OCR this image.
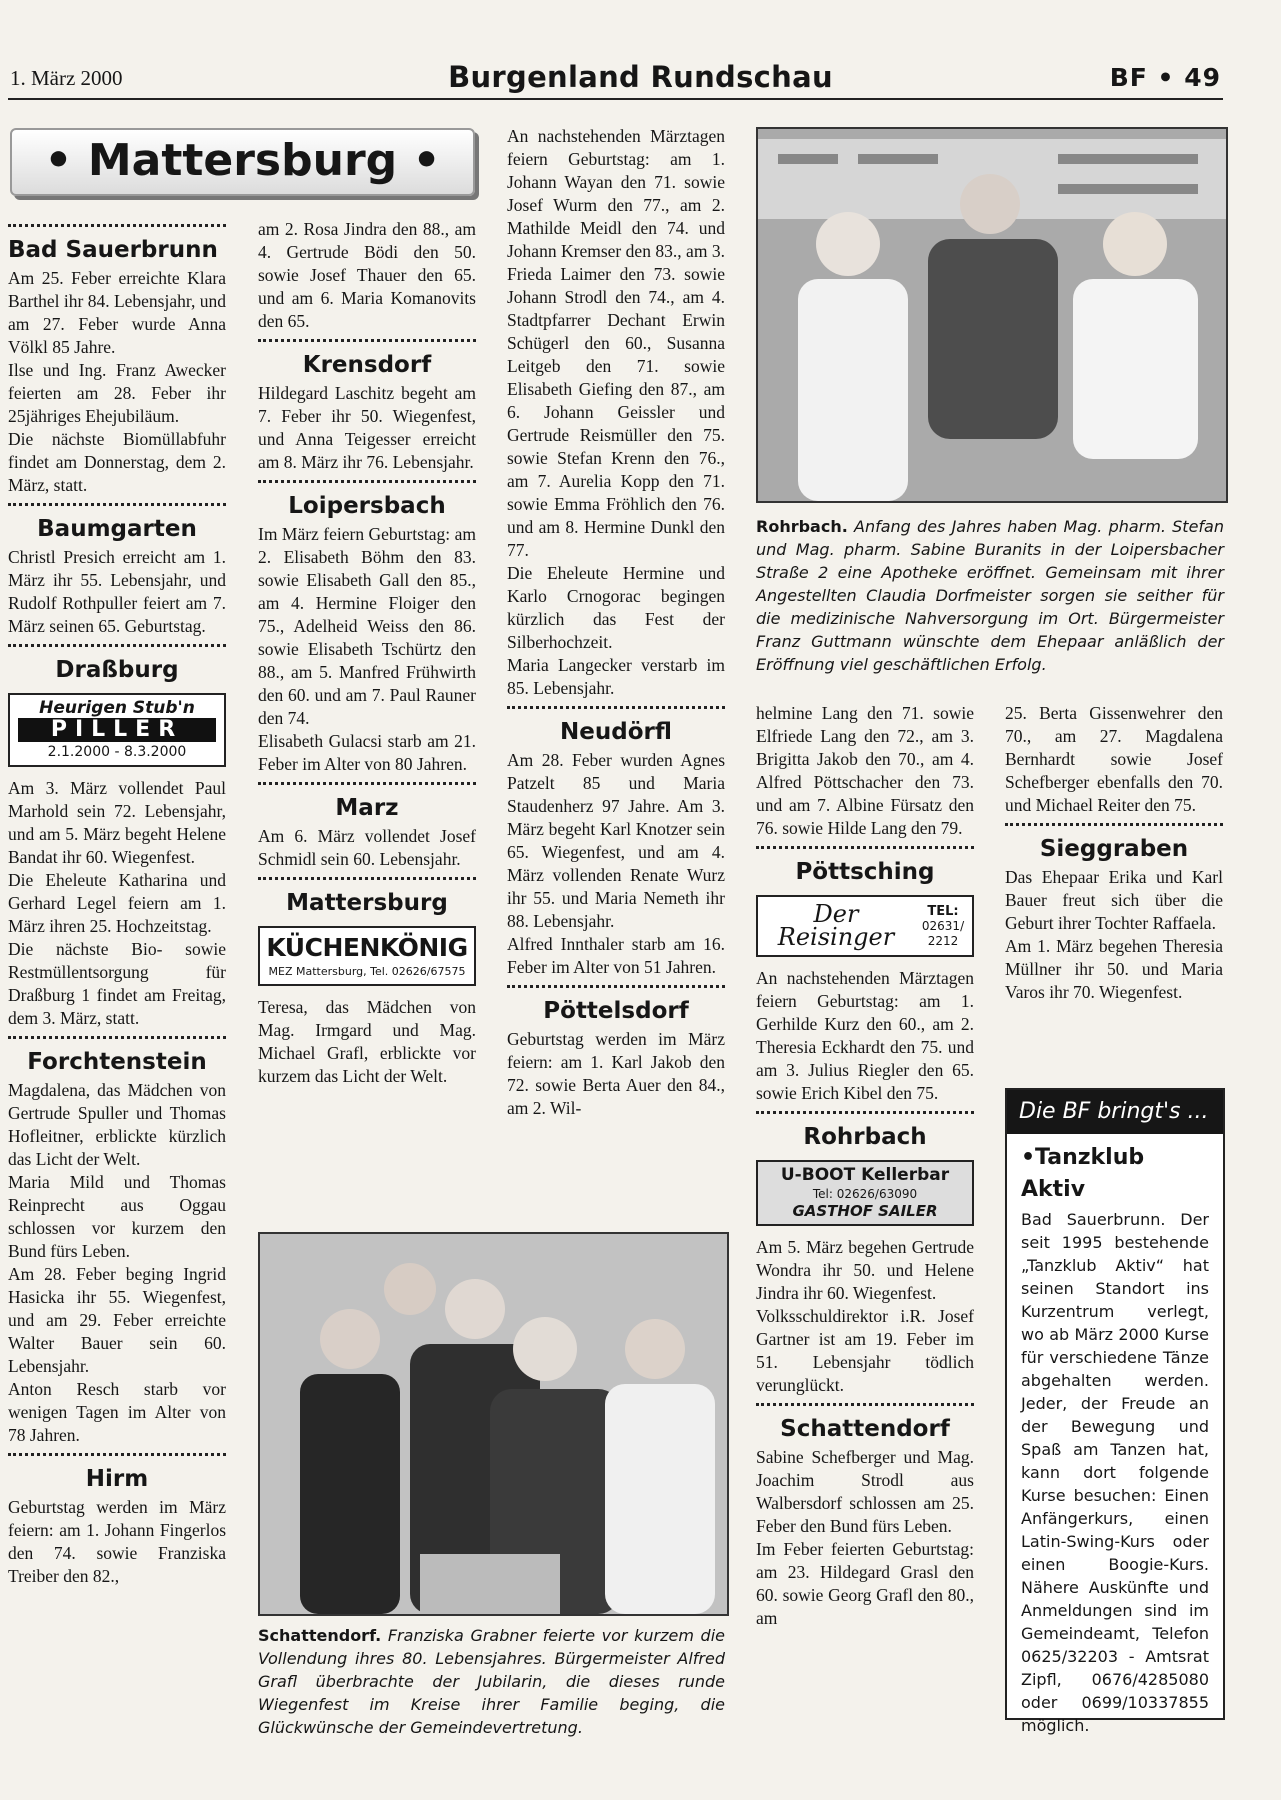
1. März 2000	Burgenland Rundschau	BF • 49
• Mattersburg •
Bad Sauerbrunn

Am 25. Feber erreichte Klara Barthel ihr 84. Lebensjahr, und am 27. Feber wurde Anna Völkl 85 Jahre.

Ilse und Ing. Franz Awecker feierten am 28. Feber ihr 25jähriges Ehejubiläum.

Die nächste Biomüllabfuhr findet am Donnerstag, dem 2. März, statt.

Baumgarten

Christl Presich erreicht am 1. März ihr 55. Lebensjahr, und Rudolf Rothpuller feiert am 7. März seinen 65. Geburtstag.

Draßburg
Heurigen Stub'n
PILLER
2.1.2000 - 8.3.2000

Am 3. März vollendet Paul Marhold sein 72. Lebensjahr, und am 5. März begeht Helene Bandat ihr 60. Wiegenfest.

Die Eheleute Katharina und Gerhard Legel feiern am 1. März ihren 25. Hochzeitstag.

Die nächste Bio- sowie Restmüllentsorgung für Draßburg 1 findet am Freitag, dem 3. März, statt.

Forchtenstein

Magdalena, das Mädchen von Gertrude Spuller und Thomas Hofleitner, erblickte kürzlich das Licht der Welt.

Maria Mild und Thomas Reinprecht aus Oggau schlossen vor kurzem den Bund fürs Leben.

Am 28. Feber beging Ingrid Hasicka ihr 55. Wiegenfest, und am 29. Feber erreichte Walter Bauer sein 60. Lebensjahr.

Anton Resch starb vor wenigen Tagen im Alter von 78 Jahren.

Hirm

Geburtstag werden im März feiern: am 1. Johann Fingerlos den 74. sowie Franziska Treiber den 82.,

am 2. Rosa Jindra den 88., am 4. Gertrude Bödi den 50. sowie Josef Thauer den 65. und am 6. Maria Komanovits den 65.

Krensdorf

Hildegard Laschitz begeht am 7. Feber ihr 50. Wiegenfest, und Anna Teigesser erreicht am 8. März ihr 76. Lebensjahr.

Loipersbach

Im März feiern Geburtstag: am 2. Elisabeth Böhm den 83. sowie Elisabeth Gall den 85., am 4. Hermine Floiger den 75., Adelheid Weiss den 86. sowie Elisabeth Tschürtz den 88., am 5. Manfred Frühwirth den 60. und am 7. Paul Rauner den 74.

Elisabeth Gulacsi starb am 21. Feber im Alter von 80 Jahren.

Marz

Am 6. März vollendet Josef Schmidl sein 60. Lebensjahr.

Mattersburg
KÜCHENKÖNIG
MEZ Mattersburg, Tel. 02626/67575

Teresa, das Mädchen von Mag. Irmgard und Mag. Michael Grafl, erblickte vor kurzem das Licht der Welt.

An nachstehenden Märztagen feiern Geburtstag: am 1. Johann Wayan den 71. sowie Josef Wurm den 77., am 2. Mathilde Meidl den 74. und Johann Kremser den 83., am 3. Frieda Laimer den 73. sowie Johann Strodl den 74., am 4. Stadtpfarrer Dechant Erwin Schügerl den 60., Susanna Leitgeb den 71. sowie Elisabeth Giefing den 87., am 6. Johann Geissler und Gertrude Reismüller den 75. sowie Stefan Krenn den 76., am 7. Aurelia Kopp den 71. sowie Emma Fröhlich den 76. und am 8. Hermine Dunkl den 77.

Die Eheleute Hermine und Karlo Crnogorac begingen kürzlich das Fest der Silberhochzeit.

Maria Langecker verstarb im 85. Lebensjahr.

Neudörfl

Am 28. Feber wurden Agnes Patzelt 85 und Maria Staudenherz 97 Jahre. Am 3. März begeht Karl Knotzer sein 65. Wiegenfest, und am 4. März vollenden Renate Wurz ihr 55. und Maria Nemeth ihr 88. Lebensjahr.

Alfred Innthaler starb am 16. Feber im Alter von 51 Jahren.

Pöttelsdorf

Geburtstag werden im März feiern: am 1. Karl Jakob den 72. sowie Berta Auer den 84., am 2. Wil-

Rohrbach. Anfang des Jahres haben Mag. pharm. Stefan und Mag. pharm. Sabine Buranits in der Loipersbacher Straße 2 eine Apotheke eröffnet. Gemeinsam mit ihrer Angestellten Claudia Dorfmeister sorgen sie seither für die medizinische Nahversorgung im Ort. Bürgermeister Franz Guttmann wünschte dem Ehepaar anläßlich der Eröffnung viel geschäftlichen Erfolg.

helmine Lang den 71. sowie Elfriede Lang den 72., am 3. Brigitta Jakob den 70., am 4. Alfred Pöttschacher den 73. und am 7. Albine Fürsatz den 76. sowie Hilde Lang den 79.

Pöttsching
Der Reisinger
TEL:
02631/
2212

An nachstehenden Märztagen feiern Geburtstag: am 1. Gerhilde Kurz den 60., am 2. Theresia Eckhardt den 75. und am 3. Julius Riegler den 65. sowie Erich Kibel den 75.

Rohrbach
U-BOOT Kellerbar
Tel: 02626/63090
GASTHOF SAILER

Am 5. März begehen Gertrude Wondra ihr 50. und Helene Jindra ihr 60. Wiegenfest.

Volksschuldirektor i.R. Josef Gartner ist am 19. Feber im 51. Lebensjahr tödlich verunglückt.

Schattendorf

Sabine Schefberger und Mag. Joachim Strodl aus Walbersdorf schlossen am 25. Feber den Bund fürs Leben.

Im Feber feierten Geburtstag: am 23. Hildegard Grasl den 60. sowie Georg Grafl den 80., am

25. Berta Gissenwehrer den 70., am 27. Magdalena Bernhardt sowie Josef Schefberger ebenfalls den 70. und Michael Reiter den 75.

Sieggraben

Das Ehepaar Erika und Karl Bauer freut sich über die Geburt ihrer Tochter Raffaela.

Am 1. März begehen Theresia Müllner ihr 50. und Maria Varos ihr 70. Wiegenfest.

Die BF bringt's ...
•Tanzklub Aktiv
Bad Sauerbrunn. Der seit 1995 bestehende „Tanzklub Aktiv“ hat seinen Standort ins Kurzentrum verlegt, wo ab März 2000 Kurse für verschiedene Tänze abgehalten werden. Jeder, der Freude an der Bewegung und Spaß am Tanzen hat, kann dort folgende Kurse besuchen: Einen Anfängerkurs, einen Latin-Swing-Kurs oder einen Boogie-Kurs. Nähere Auskünfte und Anmeldungen sind im Gemeindeamt, Telefon 0625/32203 - Amtsrat Zipfl, 0676/4285080 oder 0699/10337855 möglich.
Schattendorf. Franziska Grabner feierte vor kurzem die Vollendung ihres 80. Lebensjahres. Bürgermeister Alfred Grafl überbrachte der Jubilarin, die dieses runde Wiegenfest im Kreise ihrer Familie beging, die Glückwünsche der Gemeindevertretung.
